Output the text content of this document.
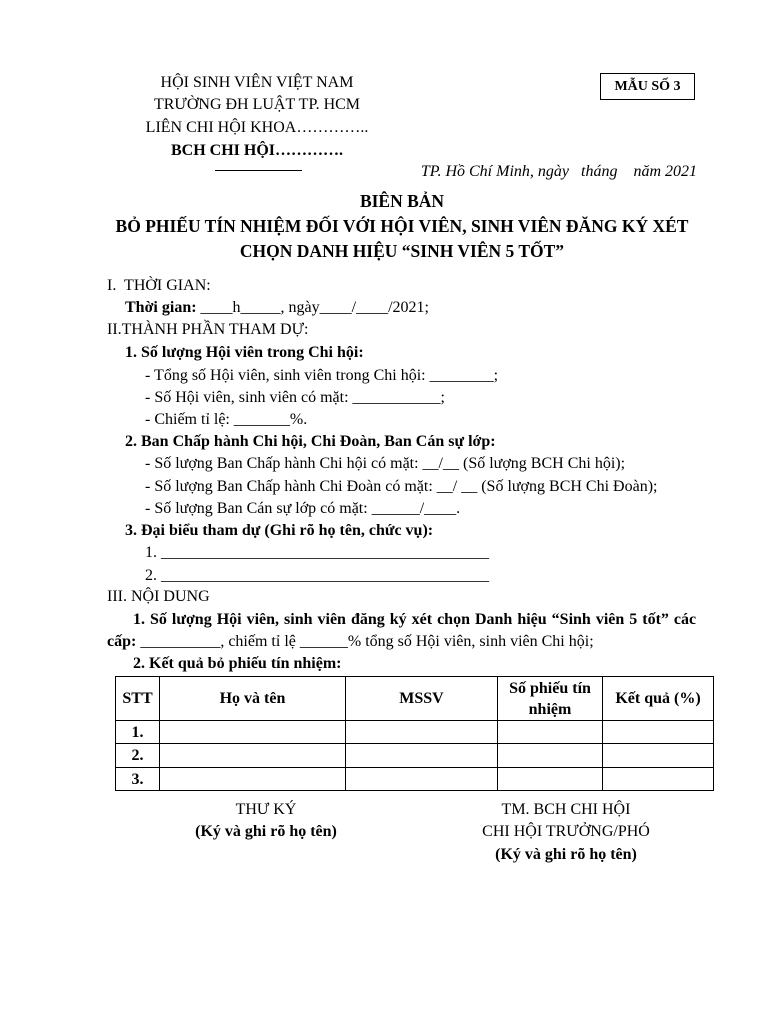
HỘI SINH VIÊN VIỆT NAM
TRƯỜNG ĐH LUẬT TP. HCM
LIÊN CHI HỘI KHOA…………..
BCH CHI HỘI………….
MẪU SỐ 3
TP. Hồ Chí Minh, ngày   tháng    năm 2021
BIÊN BẢN
BỎ PHIẾU TÍN NHIỆM ĐỐI VỚI HỘI VIÊN, SINH VIÊN ĐĂNG KÝ XÉT
CHỌN DANH HIỆU “SINH VIÊN 5 TỐT”
I.  THỜI GIAN:
Thời gian: ____h_____, ngày____/____/2021;
II.THÀNH PHẦN THAM DỰ:
1. Số lượng Hội viên trong Chi hội:
- Tổng số Hội viên, sinh viên trong Chi hội: ________;
- Số Hội viên, sinh viên có mặt: ___________;
- Chiếm tỉ lệ: _______%.
2. Ban Chấp hành Chi hội, Chi Đoàn, Ban Cán sự lớp:
- Số lượng Ban Chấp hành Chi hội có mặt: __/__ (Số lượng BCH Chi hội);
- Số lượng Ban Chấp hành Chi Đoàn có mặt: __/ __ (Số lượng BCH Chi Đoàn);
- Số lượng Ban Cán sự lớp có mặt: ______/____.
3. Đại biểu tham dự (Ghi rõ họ tên, chức vụ):
1. _________________________________________
2. _________________________________________
III. NỘI DUNG
1. Số lượng Hội viên, sinh viên đăng ký xét chọn Danh hiệu “Sinh viên 5 tốt” các
cấp: __________, chiếm tỉ lệ ______% tổng số Hội viên, sinh viên Chi hội;
2. Kết quả bỏ phiếu tín nhiệm:
STT	Họ và tên	MSSV	Số phiếu tín nhiệm	Kết quả (%)
1.				
2.				
3.				
THƯ KÝ
(Ký và ghi rõ họ tên)
TM. BCH CHI HỘI
CHI HỘI TRƯỞNG/PHÓ
(Ký và ghi rõ họ tên)
